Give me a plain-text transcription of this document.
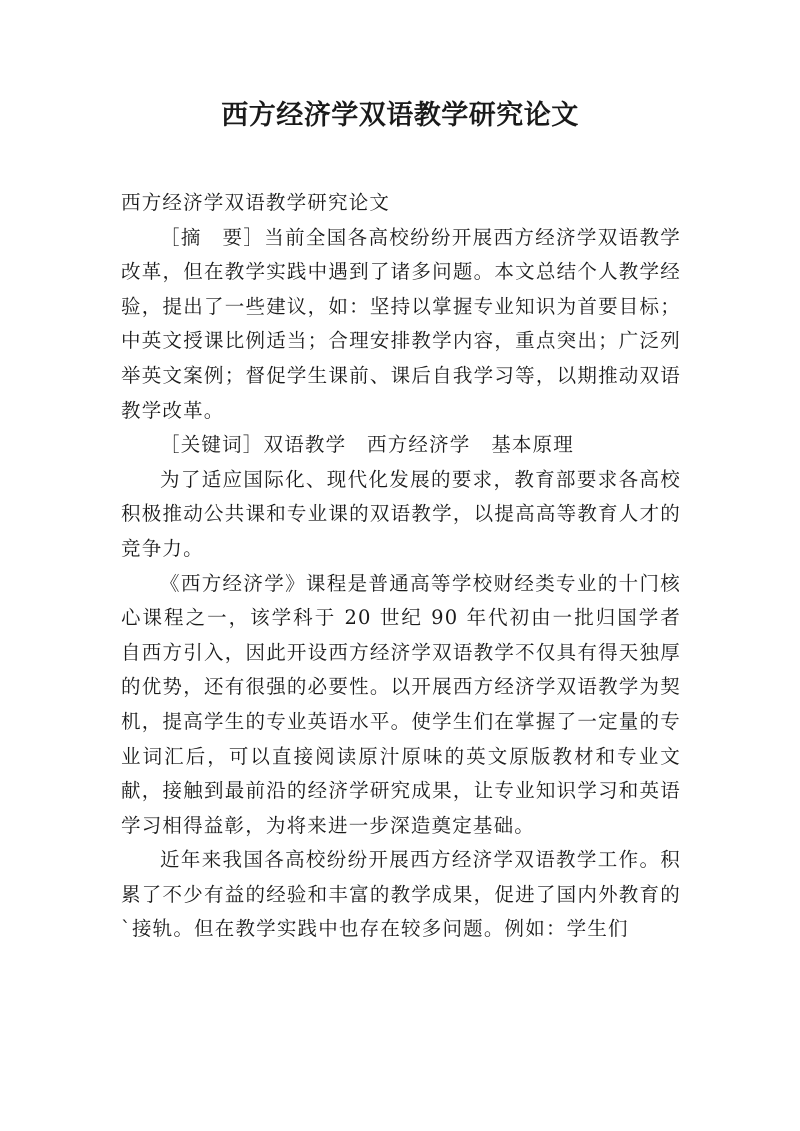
西方经济学双语教学研究论文

西方经济学双语教学研究论文

［摘　要］当前全国各高校纷纷开展西方经济学双语教学改革，但在教学实践中遇到了诸多问题。本文总结个人教学经验，提出了一些建议，如：坚持以掌握专业知识为首要目标；中英文授课比例适当；合理安排教学内容，重点突出；广泛列举英文案例；督促学生课前、课后自我学习等，以期推动双语教学改革。

［关键词］双语教学　西方经济学　基本原理

为了适应国际化、现代化发展的要求，教育部要求各高校积极推动公共课和专业课的双语教学，以提高高等教育人才的竞争力。

《西方经济学》课程是普通高等学校财经类专业的十门核心课程之一，该学科于 20 世纪 90 年代初由一批归国学者自西方引入，因此开设西方经济学双语教学不仅具有得天独厚的优势，还有很强的必要性。以开展西方经济学双语教学为契机，提高学生的专业英语水平。使学生们在掌握了一定量的专业词汇后，可以直接阅读原汁原味的英文原版教材和专业文献，接触到最前沿的经济学研究成果，让专业知识学习和英语学习相得益彰，为将来进一步深造奠定基础。

近年来我国各高校纷纷开展西方经济学双语教学工作。积累了不少有益的经验和丰富的教学成果，促进了国内外教育的`接轨。但在教学实践中也存在较多问题。例如：学生们
